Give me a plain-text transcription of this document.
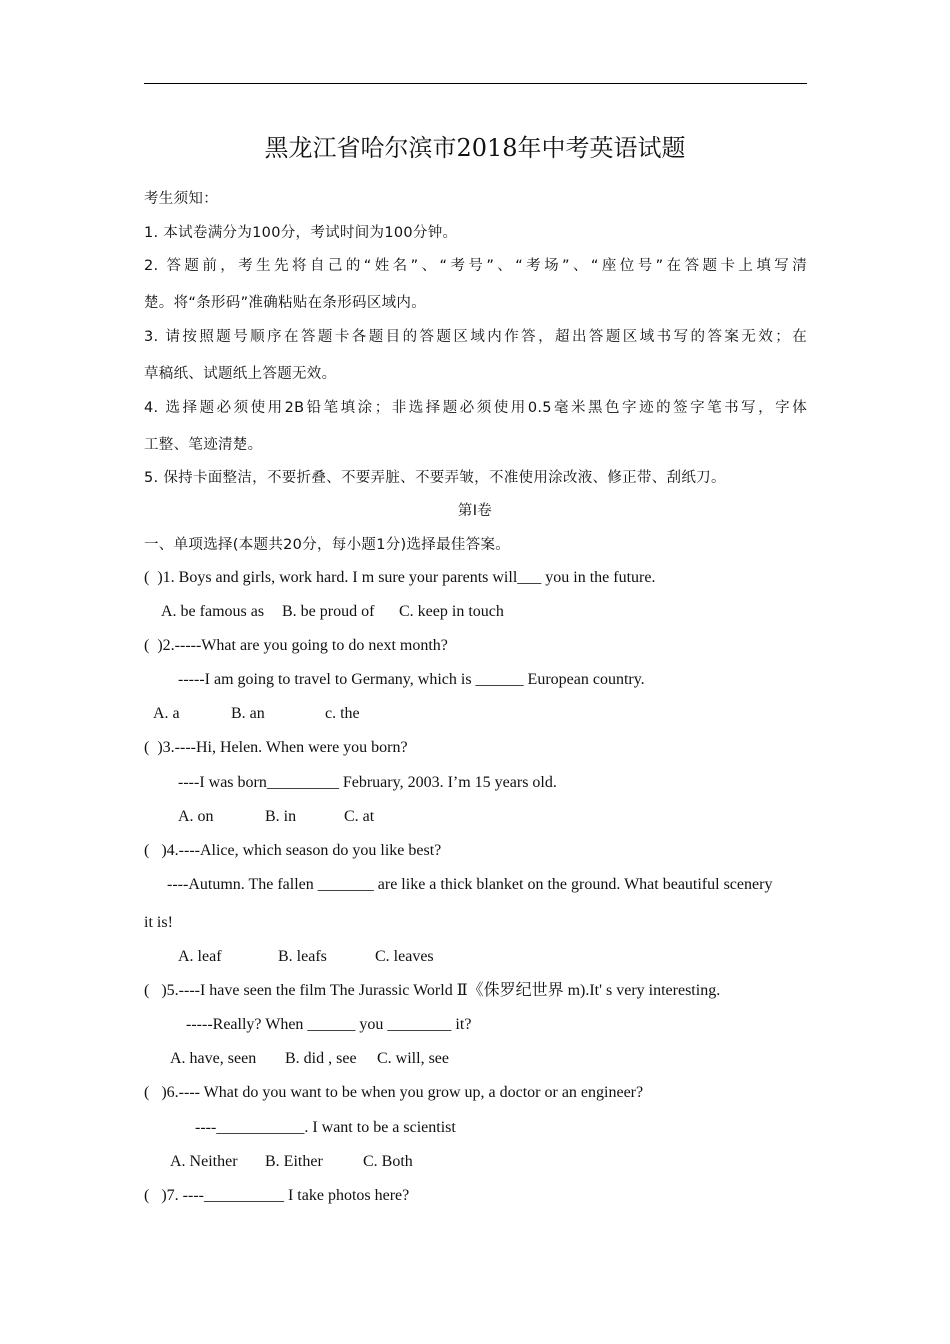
黑龙江省哈尔滨市2018年中考英语试题
考生须知：
1. 本试卷满分为100分，考试时间为100分钟。
2. 答题前，考生先将自己的“姓名”、“考号”、“考场”、“座位号”在答题卡上填写清
楚。将“条形码”准确粘贴在条形码区域内。
3. 请按照题号顺序在答题卡各题目的答题区域内作答，超出答题区域书写的答案无效；在
草稿纸、试题纸上答题无效。
4. 选择题必须使用2B铅笔填涂；非选择题必须使用0.5毫米黑色字迹的签字笔书写，字体
工整、笔迹清楚。
5. 保持卡面整洁，不要折叠、不要弄脏、不要弄皱，不准使用涂改液、修正带、刮纸刀。
第Ⅰ卷
一、单项选择(本题共20分，每小题1分)选择最佳答案。
(  )1. Boys and girls, work hard. I m sure your parents will___ you in the future.
A. be famous as B. be proud of C. keep in touch
(  )2.-----What are you going to do next month?
-----I am going to travel to Germany, which is ______ European country.
A. a	B. an	c. the
(  )3.----Hi, Helen. When were you born?
----I was born_________ February, 2003. I’m 15 years old.
A. on	B. in	C. at
(   )4.----Alice, which season do you like best?
----Autumn. The fallen _______ are like a thick blanket on the ground. What beautiful scenery
it is!
A. leaf	B. leafs	C. leaves
(   )5.----I have seen the film The Jurassic World Ⅱ《侏罗纪世界 m).It' s very interesting.
-----Really? When ______ you ________ it?
A. have, seen B. did , see C. will, see
(   )6.---- What do you want to be when you grow up, a doctor or an engineer?
----___________. I want to be a scientist
A. Neither B. Either	C. Both
(   )7. ----__________ I take photos here?
